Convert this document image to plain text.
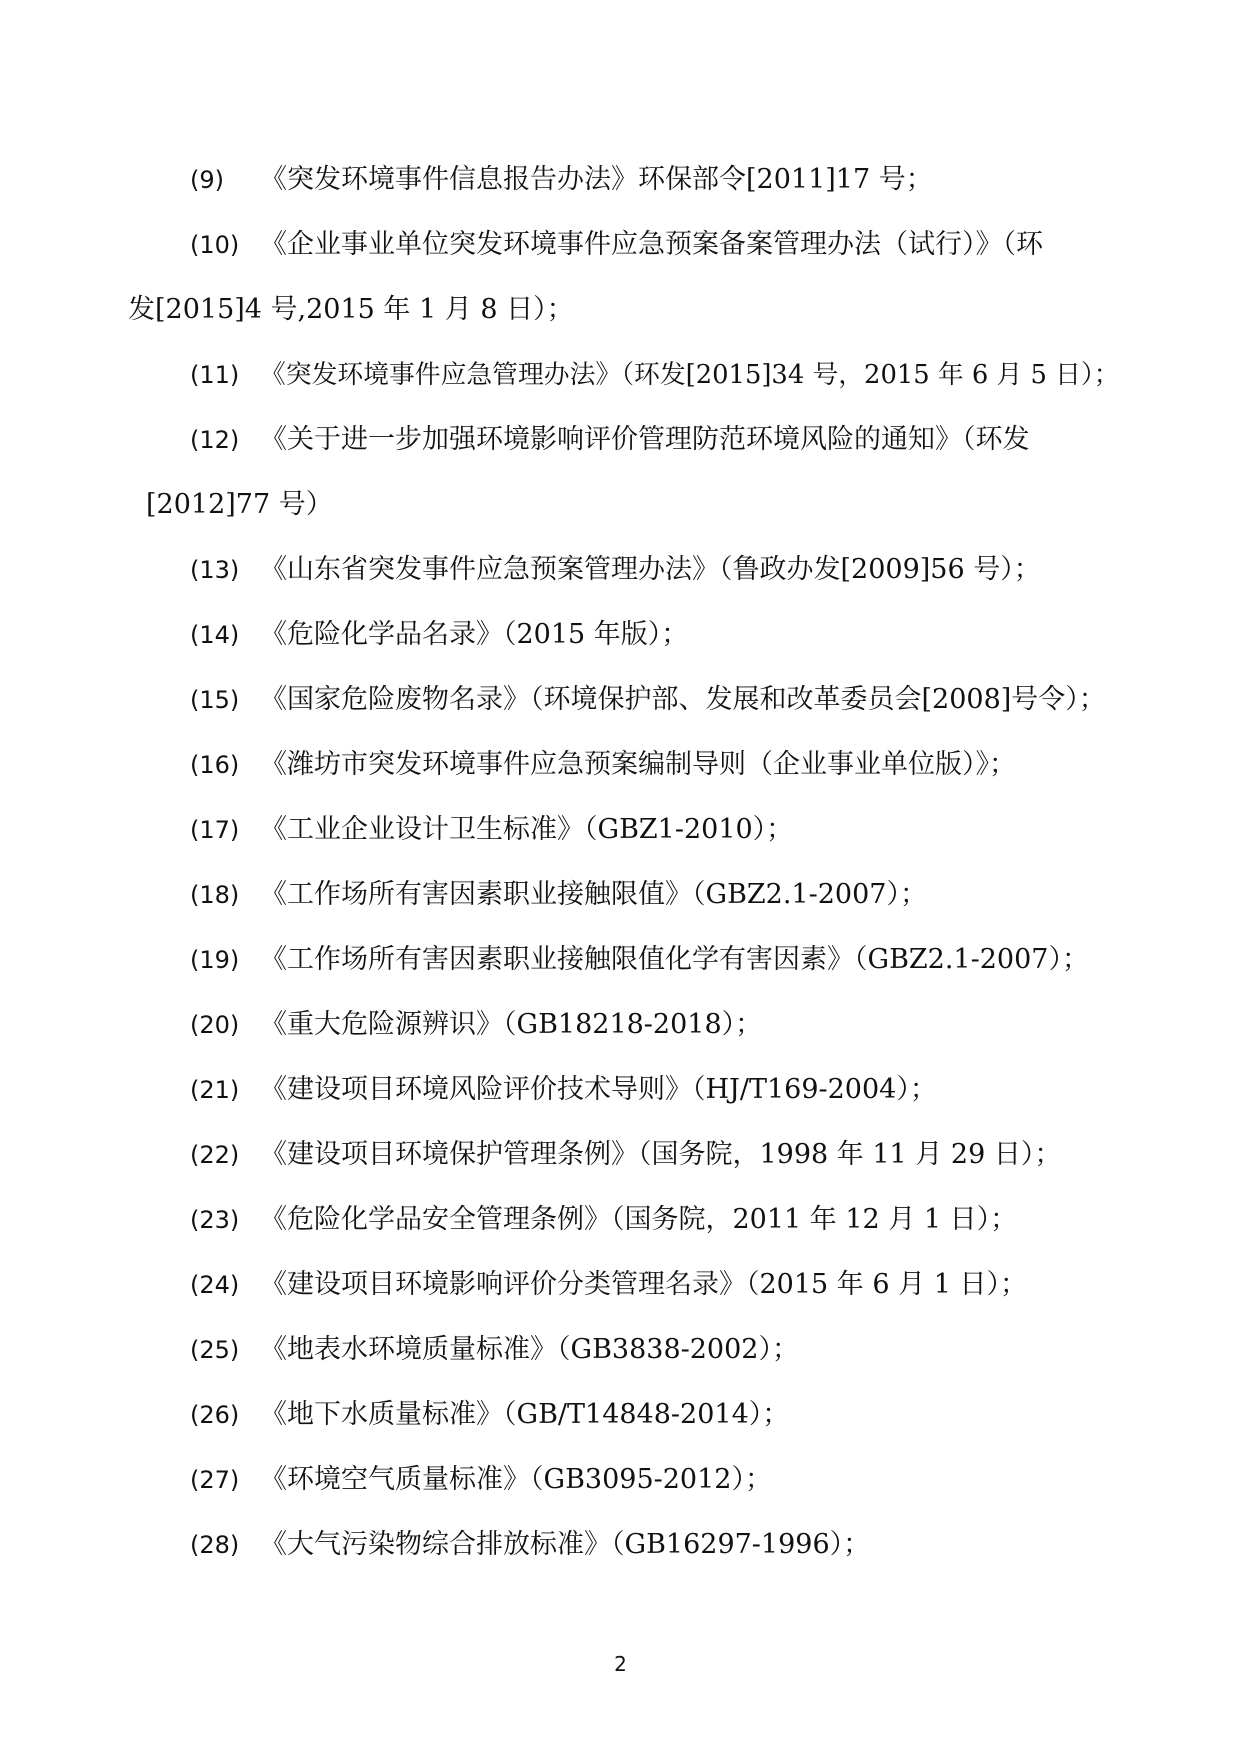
(9) 《突发环境事件信息报告办法》环保部令[2011]17 号；
(10) 《企业事业单位突发环境事件应急预案备案管理办法（试行）》（环
发[2015]4 号,2015 年 1 月 8 日）；
(11) 《突发环境事件应急管理办法》（环发[2015]34 号，2015 年 6 月 5 日）；
(12) 《关于进一步加强环境影响评价管理防范环境风险的通知》（环发
[2012]77 号）
(13) 《山东省突发事件应急预案管理办法》（鲁政办发[2009]56 号）；
(14) 《危险化学品名录》（2015 年版）；
(15) 《国家危险废物名录》（环境保护部、发展和改革委员会[2008]号令）；
(16) 《潍坊市突发环境事件应急预案编制导则（企业事业单位版）》；
(17) 《工业企业设计卫生标准》（GBZ1-2010）；
(18) 《工作场所有害因素职业接触限值》（GBZ2.1-2007）；
(19) 《工作场所有害因素职业接触限值化学有害因素》（GBZ2.1-2007）；
(20) 《重大危险源辨识》（GB18218-2018）；
(21) 《建设项目环境风险评价技术导则》（HJ/T169-2004）；
(22) 《建设项目环境保护管理条例》（国务院，1998 年 11 月 29 日）；
(23) 《危险化学品安全管理条例》（国务院，2011 年 12 月 1 日）；
(24) 《建设项目环境影响评价分类管理名录》（2015 年 6 月 1 日）；
(25) 《地表水环境质量标准》（GB3838-2002）；
(26) 《地下水质量标准》（GB/T14848-2014）；
(27) 《环境空气质量标准》（GB3095-2012）；
(28) 《大气污染物综合排放标准》（GB16297-1996）；
2
